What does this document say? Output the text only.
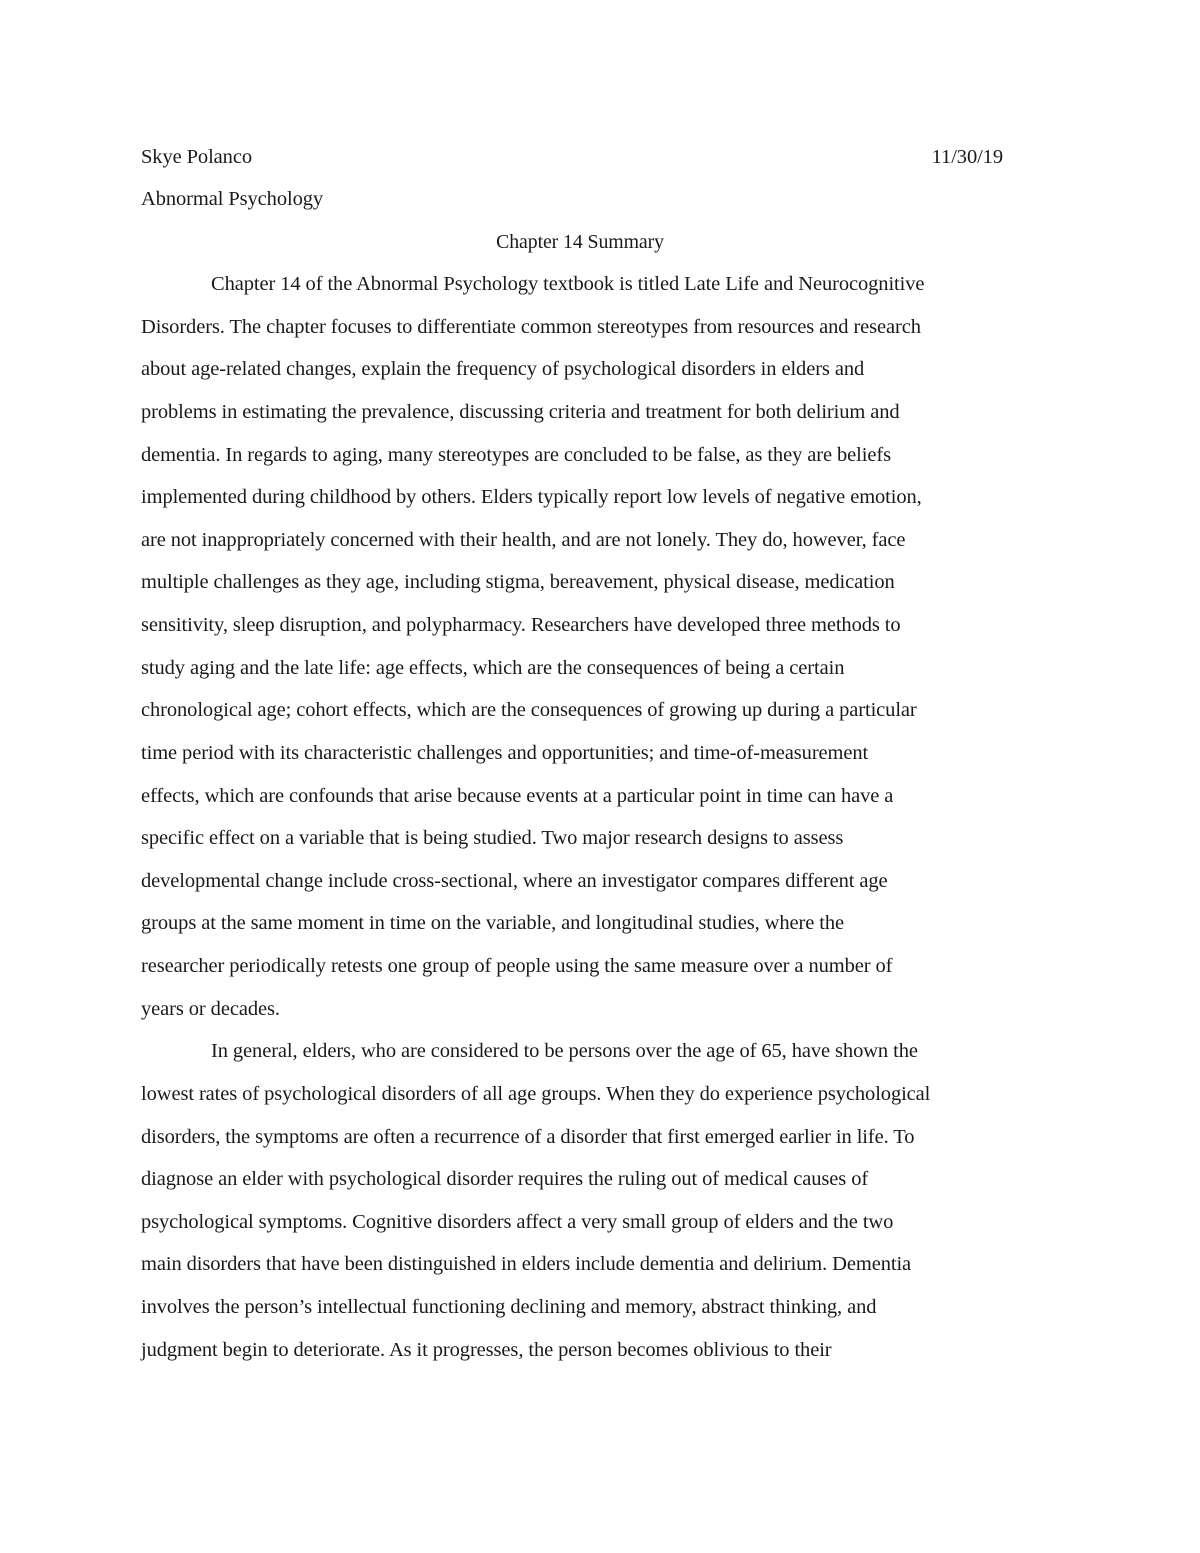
Skye Polanco	11/30/19
Abnormal Psychology
Chapter 14 Summary
Chapter 14 of the Abnormal Psychology textbook is titled Late Life and Neurocognitive
Disorders. The chapter focuses to differentiate common stereotypes from resources and research
about age-related changes, explain the frequency of psychological disorders in elders and
problems in estimating the prevalence, discussing criteria and treatment for both delirium and
dementia. In regards to aging, many stereotypes are concluded to be false, as they are beliefs
implemented during childhood by others. Elders typically report low levels of negative emotion,
are not inappropriately concerned with their health, and are not lonely. They do, however, face
multiple challenges as they age, including stigma, bereavement, physical disease, medication
sensitivity, sleep disruption, and polypharmacy. Researchers have developed three methods to
study aging and the late life: age effects, which are the consequences of being a certain
chronological age; cohort effects, which are the consequences of growing up during a particular
time period with its characteristic challenges and opportunities; and time-of-measurement
effects, which are confounds that arise because events at a particular point in time can have a
specific effect on a variable that is being studied. Two major research designs to assess
developmental change include cross-sectional, where an investigator compares different age
groups at the same moment in time on the variable, and longitudinal studies, where the
researcher periodically retests one group of people using the same measure over a number of
years or decades.
In general, elders, who are considered to be persons over the age of 65, have shown the
lowest rates of psychological disorders of all age groups. When they do experience psychological
disorders, the symptoms are often a recurrence of a disorder that first emerged earlier in life. To
diagnose an elder with psychological disorder requires the ruling out of medical causes of
psychological symptoms. Cognitive disorders affect a very small group of elders and the two
main disorders that have been distinguished in elders include dementia and delirium. Dementia
involves the person’s intellectual functioning declining and memory, abstract thinking, and
judgment begin to deteriorate. As it progresses, the person becomes oblivious to their
